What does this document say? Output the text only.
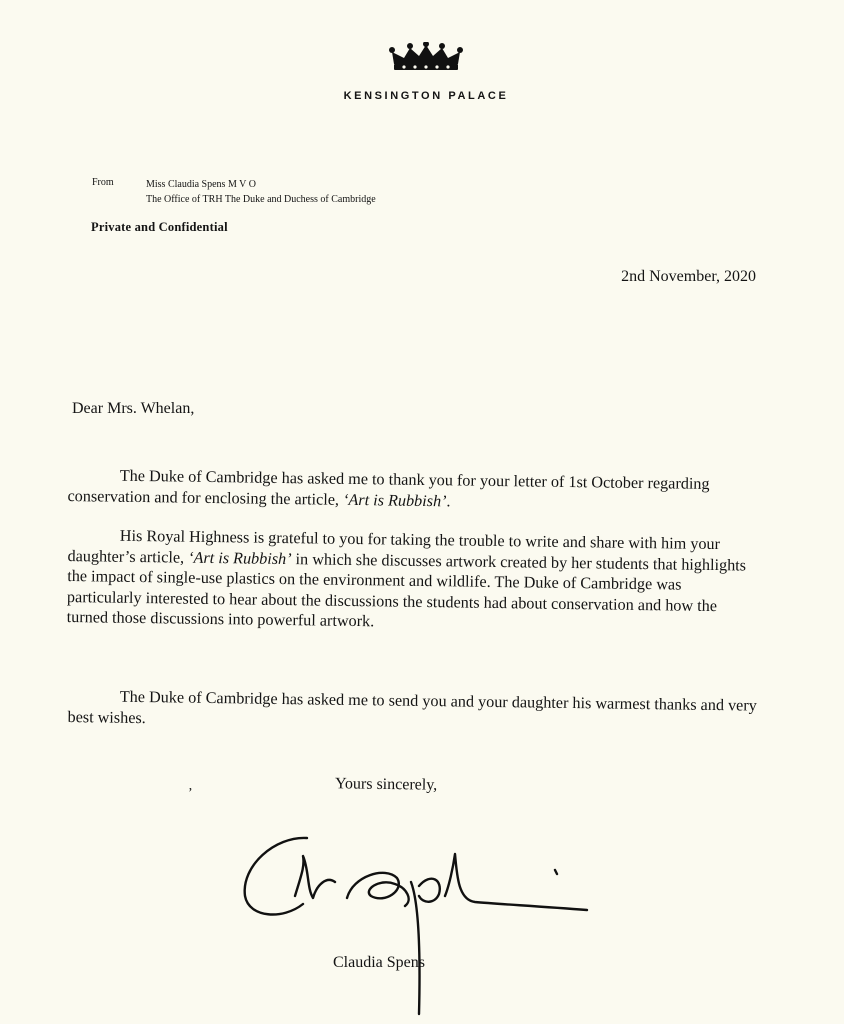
KENSINGTON PALACE
From	Miss Claudia Spens M V O
The Office of TRH The Duke and Duchess of Cambridge
Private and Confidential
2nd November, 2020
Dear Mrs. Whelan,

The Duke of Cambridge has asked me to thank you for your letter of 1st October regarding conservation and for enclosing the article, ‘Art is Rubbish’.

His Royal Highness is grateful to you for taking the trouble to write and share with him your daughter’s article, ‘Art is Rubbish’ in which she discusses artwork created by her students that highlights the impact of single-use plastics on the environment and wildlife. The Duke of Cambridge was particularly interested to hear about the discussions the students had about conservation and how the turned those discussions into powerful artwork.

The Duke of Cambridge has asked me to send you and your daughter his warmest thanks and very best wishes.

’	Yours sincerely,
Claudia Spens
